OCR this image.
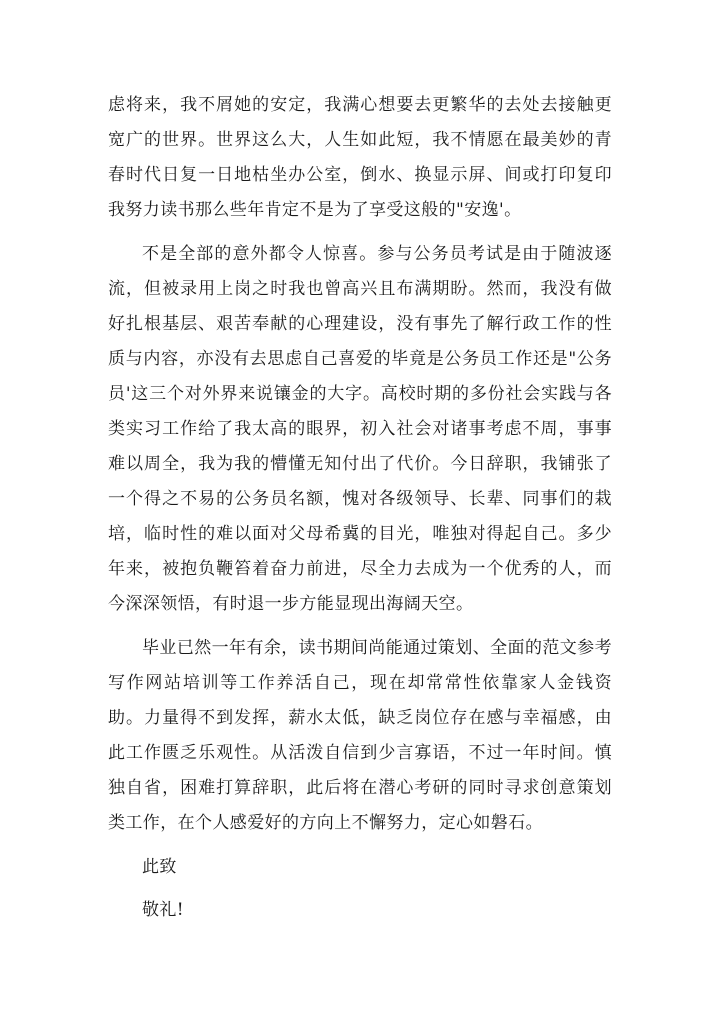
虑将来，我不屑她的安定，我满心想要去更繁华的去处去接触更宽广的世界。世界这么大，人生如此短，我不情愿在最美妙的青春时代日复一日地枯坐办公室，倒水、换显示屏、间或打印复印我努力读书那么些年肯定不是为了享受这般的"安逸'。

不是全部的意外都令人惊喜。参与公务员考试是由于随波逐流，但被录用上岗之时我也曾高兴且布满期盼。然而，我没有做好扎根基层、艰苦奉献的心理建设，没有事先了解行政工作的性质与内容，亦没有去思虑自己喜爱的毕竟是公务员工作还是"公务员'这三个对外界来说镶金的大字。高校时期的多份社会实践与各类实习工作给了我太高的眼界，初入社会对诸事考虑不周，事事难以周全，我为我的懵懂无知付出了代价。今日辞职，我铺张了一个得之不易的公务员名额，愧对各级领导、长辈、同事们的栽培，临时性的难以面对父母希冀的目光，唯独对得起自己。多少年来，被抱负鞭笞着奋力前进，尽全力去成为一个优秀的人，而今深深领悟，有时退一步方能显现出海阔天空。

毕业已然一年有余，读书期间尚能通过策划、全面的范文参考写作网站培训等工作养活自己，现在却常常性依靠家人金钱资助。力量得不到发挥，薪水太低，缺乏岗位存在感与幸福感，由此工作匮乏乐观性。从活泼自信到少言寡语，不过一年时间。慎独自省，困难打算辞职，此后将在潜心考研的同时寻求创意策划类工作，在个人感爱好的方向上不懈努力，定心如磐石。

此致

敬礼!
